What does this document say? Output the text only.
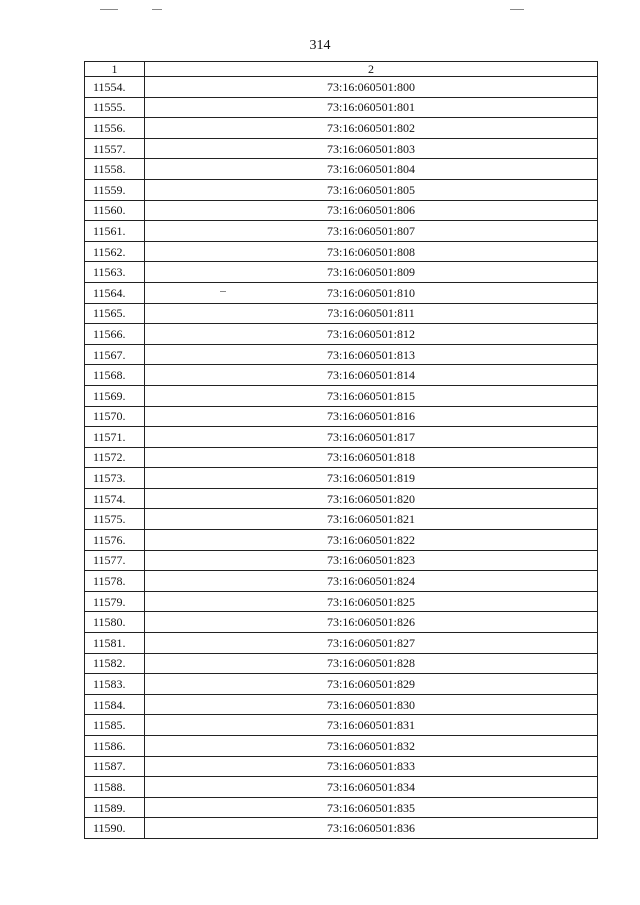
314
1	2
11554.	73:16:060501:800
11555.	73:16:060501:801
11556.	73:16:060501:802
11557.	73:16:060501:803
11558.	73:16:060501:804
11559.	73:16:060501:805
11560.	73:16:060501:806
11561.	73:16:060501:807
11562.	73:16:060501:808
11563.	73:16:060501:809
11564.	73:16:060501:810
11565.	73:16:060501:811
11566.	73:16:060501:812
11567.	73:16:060501:813
11568.	73:16:060501:814
11569.	73:16:060501:815
11570.	73:16:060501:816
11571.	73:16:060501:817
11572.	73:16:060501:818
11573.	73:16:060501:819
11574.	73:16:060501:820
11575.	73:16:060501:821
11576.	73:16:060501:822
11577.	73:16:060501:823
11578.	73:16:060501:824
11579.	73:16:060501:825
11580.	73:16:060501:826
11581.	73:16:060501:827
11582.	73:16:060501:828
11583.	73:16:060501:829
11584.	73:16:060501:830
11585.	73:16:060501:831
11586.	73:16:060501:832
11587.	73:16:060501:833
11588.	73:16:060501:834
11589.	73:16:060501:835
11590.	73:16:060501:836
